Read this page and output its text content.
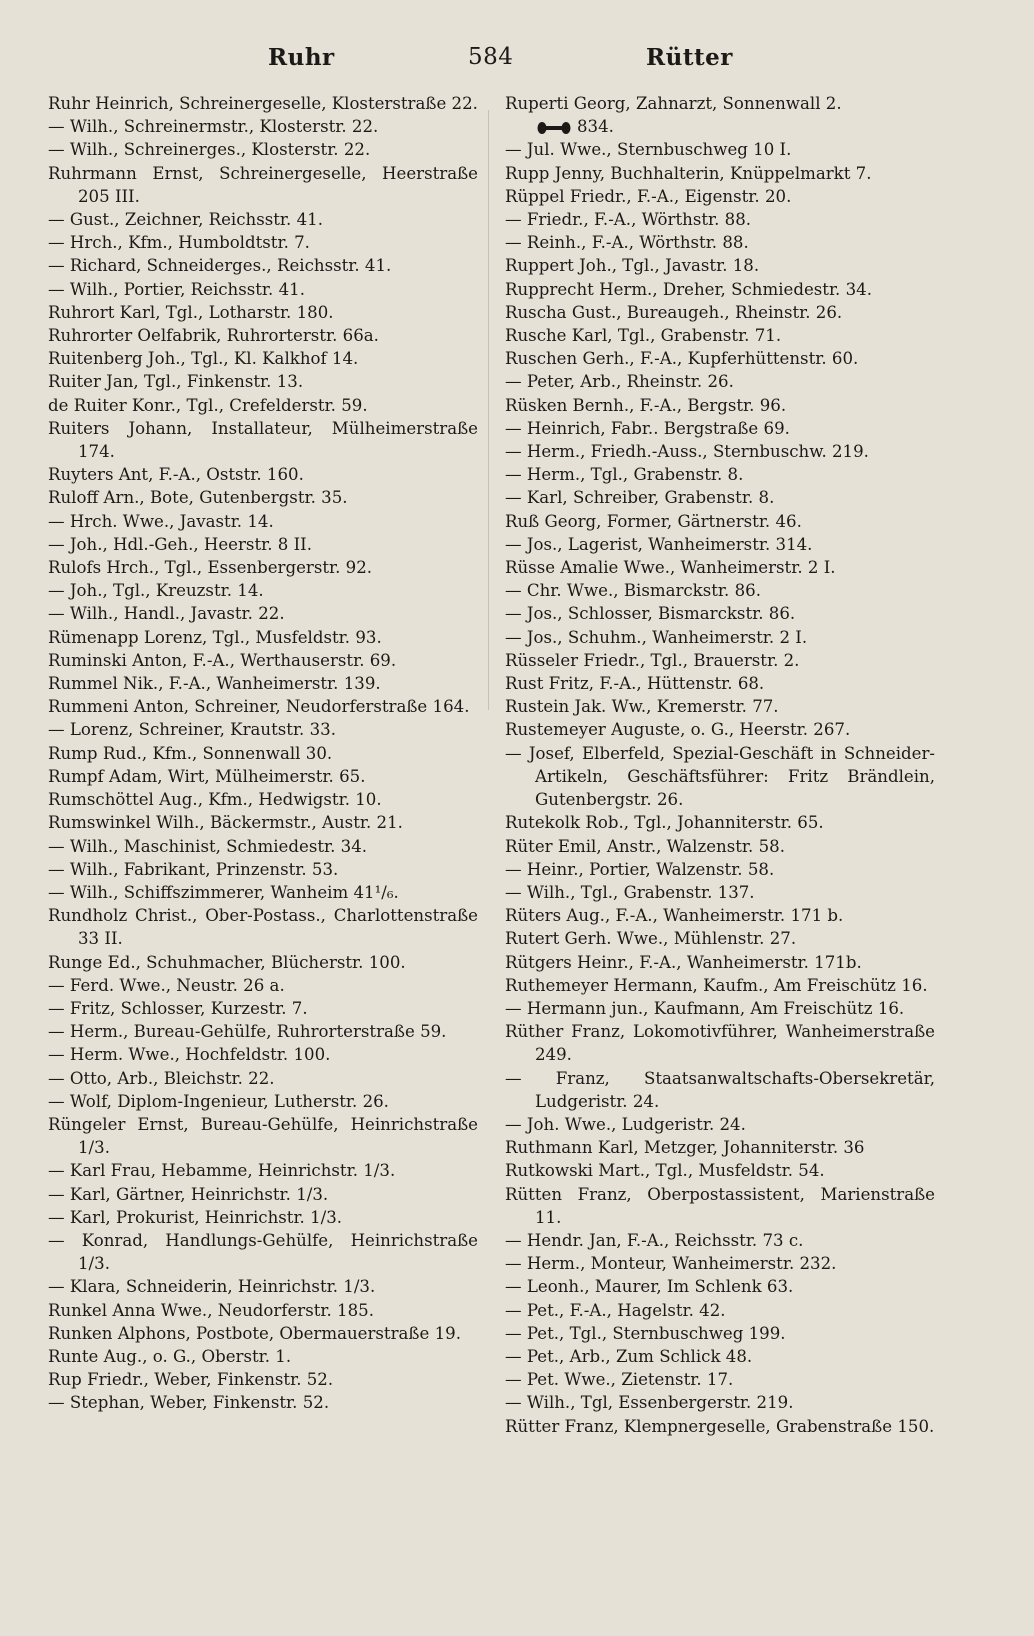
Ruhr	584	Rütter
Ruhr Heinrich, Schreinergeselle, Klosterstraße 22.
— Wilh., Schreinermstr., Klosterstr. 22.
— Wilh., Schreinerges., Klosterstr. 22.
Ruhrmann Ernst, Schreinergeselle, Heerstraße 205 III.
— Gust., Zeichner, Reichsstr. 41.
— Hrch., Kfm., Humboldtstr. 7.
— Richard, Schneiderges., Reichsstr. 41.
— Wilh., Portier, Reichsstr. 41.
Ruhrort Karl, Tgl., Lotharstr. 180.
Ruhrorter Oelfabrik, Ruhrorterstr. 66a.
Ruitenberg Joh., Tgl., Kl. Kalkhof 14.
Ruiter Jan, Tgl., Finkenstr. 13.
de Ruiter Konr., Tgl., Crefelderstr. 59.
Ruiters Johann, Installateur, Mülheimerstraße 174.
Ruyters Ant, F.-A., Oststr. 160.
Ruloff Arn., Bote, Gutenbergstr. 35.
— Hrch. Wwe., Javastr. 14.
— Joh., Hdl.-Geh., Heerstr. 8 II.
Rulofs Hrch., Tgl., Essenbergerstr. 92.
— Joh., Tgl., Kreuzstr. 14.
— Wilh., Handl., Javastr. 22.
Rümenapp Lorenz, Tgl., Musfeldstr. 93.
Ruminski Anton, F.-A., Werthauserstr. 69.
Rummel Nik., F.-A., Wanheimerstr. 139.
Rummeni Anton, Schreiner, Neudorferstraße 164.
— Lorenz, Schreiner, Krautstr. 33.
Rump Rud., Kfm., Sonnenwall 30.
Rumpf Adam, Wirt, Mülheimerstr. 65.
Rumschöttel Aug., Kfm., Hedwigstr. 10.
Rumswinkel Wilh., Bäckermstr., Austr. 21.
— Wilh., Maschinist, Schmiedestr. 34.
— Wilh., Fabrikant, Prinzenstr. 53.
— Wilh., Schiffszimmerer, Wanheim 41¹/₆.
Rundholz Christ., Ober-Postass., Charlottenstraße 33 II.
Runge Ed., Schuhmacher, Blücherstr. 100.
— Ferd. Wwe., Neustr. 26 a.
— Fritz, Schlosser, Kurzestr. 7.
— Herm., Bureau-Gehülfe, Ruhrorterstraße 59.
— Herm. Wwe., Hochfeldstr. 100.
— Otto, Arb., Bleichstr. 22.
— Wolf, Diplom-Ingenieur, Lutherstr. 26.
Rüngeler Ernst, Bureau-Gehülfe, Heinrichstraße 1/3.
— Karl Frau, Hebamme, Heinrichstr. 1/3.
— Karl, Gärtner, Heinrichstr. 1/3.
— Karl, Prokurist, Heinrichstr. 1/3.
— Konrad, Handlungs-Gehülfe, Heinrichstraße 1/3.
— Klara, Schneiderin, Heinrichstr. 1/3.
Runkel Anna Wwe., Neudorferstr. 185.
Runken Alphons, Postbote, Obermauerstraße 19.
Runte Aug., o. G., Oberstr. 1.
Rup Friedr., Weber, Finkenstr. 52.
— Stephan, Weber, Finkenstr. 52.
Ruperti Georg, Zahnarzt, Sonnenwall 2.
834.
— Jul. Wwe., Sternbuschweg 10 I.
Rupp Jenny, Buchhalterin, Knüppelmarkt 7.
Rüppel Friedr., F.-A., Eigenstr. 20.
— Friedr., F.-A., Wörthstr. 88.
— Reinh., F.-A., Wörthstr. 88.
Ruppert Joh., Tgl., Javastr. 18.
Rupprecht Herm., Dreher, Schmiedestr. 34.
Ruscha Gust., Bureaugeh., Rheinstr. 26.
Rusche Karl, Tgl., Grabenstr. 71.
Ruschen Gerh., F.-A., Kupferhüttenstr. 60.
— Peter, Arb., Rheinstr. 26.
Rüsken Bernh., F.-A., Bergstr. 96.
— Heinrich, Fabr.. Bergstraße 69.
— Herm., Friedh.-Auss., Sternbuschw. 219.
— Herm., Tgl., Grabenstr. 8.
— Karl, Schreiber, Grabenstr. 8.
Ruß Georg, Former, Gärtnerstr. 46.
— Jos., Lagerist, Wanheimerstr. 314.
Rüsse Amalie Wwe., Wanheimerstr. 2 I.
— Chr. Wwe., Bismarckstr. 86.
— Jos., Schlosser, Bismarckstr. 86.
— Jos., Schuhm., Wanheimerstr. 2 I.
Rüsseler Friedr., Tgl., Brauerstr. 2.
Rust Fritz, F.-A., Hüttenstr. 68.
Rustein Jak. Ww., Kremerstr. 77.
Rustemeyer Auguste, o. G., Heerstr. 267.
— Josef, Elberfeld, Spezial-Geschäft in Schneider-Artikeln, Geschäftsführer: Fritz Brändlein, Gutenbergstr. 26.
Rutekolk Rob., Tgl., Johanniterstr. 65.
Rüter Emil, Anstr., Walzenstr. 58.
— Heinr., Portier, Walzenstr. 58.
— Wilh., Tgl., Grabenstr. 137.
Rüters Aug., F.-A., Wanheimerstr. 171 b.
Rutert Gerh. Wwe., Mühlenstr. 27.
Rütgers Heinr., F.-A., Wanheimerstr. 171b.
Ruthemeyer Hermann, Kaufm., Am Freischütz 16.
— Hermann jun., Kaufmann, Am Freischütz 16.
Rüther Franz, Lokomotivführer, Wanheimerstraße 249.
— Franz, Staatsanwaltschafts-Obersekretär, Ludgeristr. 24.
— Joh. Wwe., Ludgeristr. 24.
Ruthmann Karl, Metzger, Johanniterstr. 36
Rutkowski Mart., Tgl., Musfeldstr. 54.
Rütten Franz, Oberpostassistent, Marienstraße 11.
— Hendr. Jan, F.-A., Reichsstr. 73 c.
— Herm., Monteur, Wanheimerstr. 232.
— Leonh., Maurer, Im Schlenk 63.
— Pet., F.-A., Hagelstr. 42.
— Pet., Tgl., Sternbuschweg 199.
— Pet., Arb., Zum Schlick 48.
— Pet. Wwe., Zietenstr. 17.
— Wilh., Tgl, Essenbergerstr. 219.
Rütter Franz, Klempnergeselle, Grabenstraße 150.
